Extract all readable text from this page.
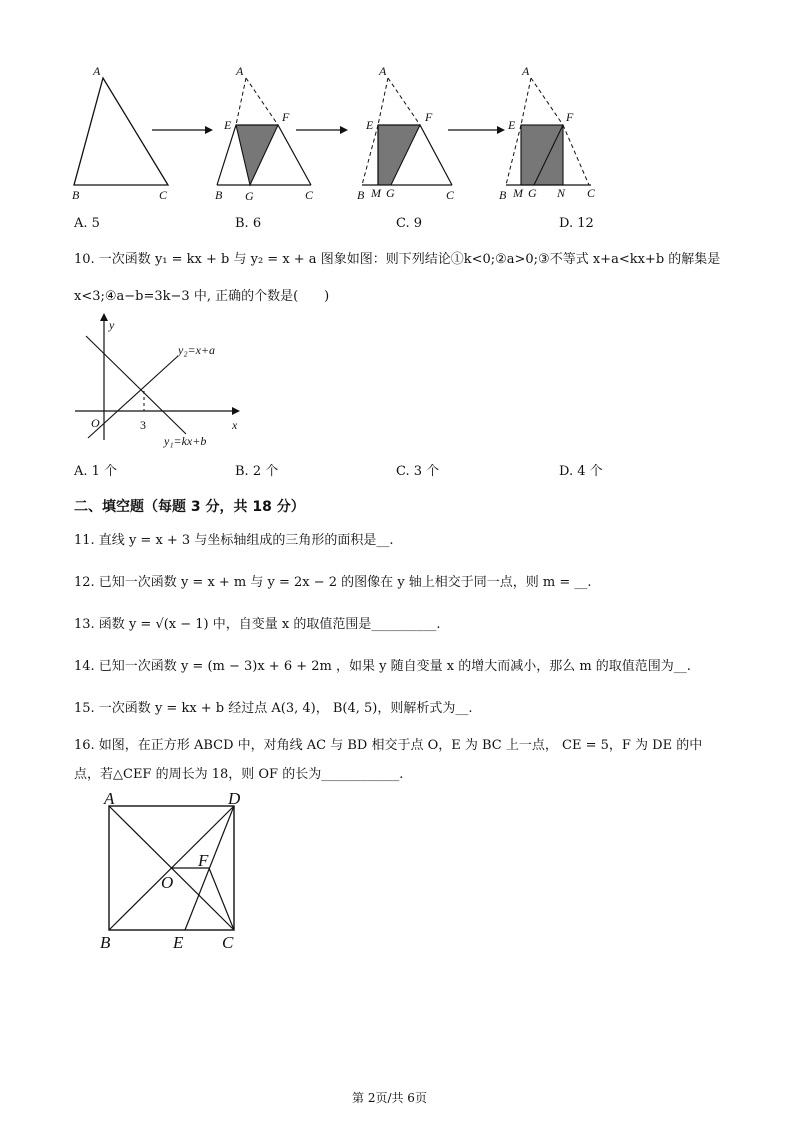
A
B	C
A
E
F
B G	C
A
E
F
B M G	C
A
E
F
B M G N C
A. 5	B. 6	C. 9	D. 12
10. 一次函数 y₁ = kx + b 与 y₂ = x + a 图象如图：则下列结论①k<0;②a>0;③不等式 x+a<kx+b 的解集是
x<3;④a−b=3k−3 中, 正确的个数是(　　)
y
x
O	3
y₂=x+a
y₁=kx+b
A. 1 个	B. 2 个	C. 3 个	D. 4 个
二、填空题（每题 3 分，共 18 分）
11. 直线 y = x + 3 与坐标轴组成的三角形的面积是__.
12. 已知一次函数 y = x + m 与 y = 2x − 2 的图像在 y 轴上相交于同一点，则 m = __.
13. 函数 y = √(x − 1) 中，自变量 x 的取值范围是__________.
14. 已知一次函数 y = (m − 3)x + 6 + 2m ，如果 y 随自变量 x 的增大而减小，那么 m 的取值范围为__.
15. 一次函数 y = kx + b 经过点 A(3, 4)， B(4, 5)，则解析式为__.
16. 如图，在正方形 ABCD 中，对角线 AC 与 BD 相交于点 O，E 为 BC 上一点， CE = 5，F 为 DE 的中
点，若△CEF 的周长为 18，则 OF 的长为____________.
A	D
B	E C
O
F
第 2页/共 6页
